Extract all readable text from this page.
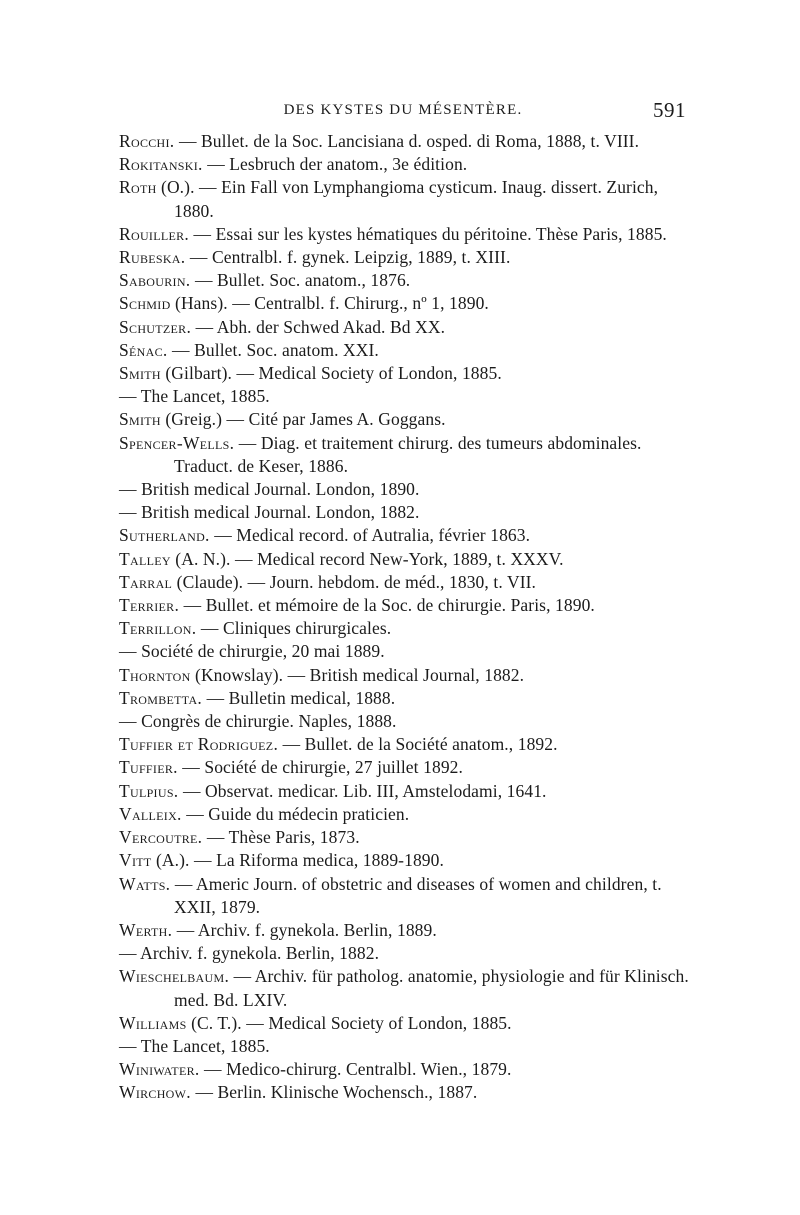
DES KYSTES DU MÉSENTÈRE.	591
Rocchi. — Bullet. de la Soc. Lancisiana d. osped. di Roma, 1888, t. VIII.
Rokitanski. — Lesbruch der anatom., 3e édition.
Roth (O.). — Ein Fall von Lymphangioma cysticum. Inaug. dissert. Zurich, 1880.
Rouiller. — Essai sur les kystes hématiques du péritoine. Thèse Paris, 1885.
Rubeska. — Centralbl. f. gynek. Leipzig, 1889, t. XIII.
Sabourin. — Bullet. Soc. anatom., 1876.
Schmid (Hans). — Centralbl. f. Chirurg., nº 1, 1890.
Schutzer. — Abh. der Schwed Akad. Bd XX.
Sénac. — Bullet. Soc. anatom. XXI.
Smith (Gilbart). — Medical Society of London, 1885.
— The Lancet, 1885.
Smith (Greig.) — Cité par James A. Goggans.
Spencer-Wells. — Diag. et traitement chirurg. des tumeurs abdominales. Traduct. de Keser, 1886.
— British medical Journal. London, 1890.
— British medical Journal. London, 1882.
Sutherland. — Medical record. of Autralia, février 1863.
Talley (A. N.). — Medical record New-York, 1889, t. XXXV.
Tarral (Claude). — Journ. hebdom. de méd., 1830, t. VII.
Terrier. — Bullet. et mémoire de la Soc. de chirurgie. Paris, 1890.
Terrillon. — Cliniques chirurgicales.
— Société de chirurgie, 20 mai 1889.
Thornton (Knowslay). — British medical Journal, 1882.
Trombetta. — Bulletin medical, 1888.
— Congrès de chirurgie. Naples, 1888.
Tuffier et Rodriguez. — Bullet. de la Société anatom., 1892.
Tuffier. — Société de chirurgie, 27 juillet 1892.
Tulpius. — Observat. medicar. Lib. III, Amstelodami, 1641.
Valleix. — Guide du médecin praticien.
Vercoutre. — Thèse Paris, 1873.
Vitt (A.). — La Riforma medica, 1889-1890.
Watts. — Americ Journ. of obstetric and diseases of women and children, t. XXII, 1879.
Werth. — Archiv. f. gynekola. Berlin, 1889.
— Archiv. f. gynekola. Berlin, 1882.
Wieschelbaum. — Archiv. für patholog. anatomie, physiologie and für Klinisch. med. Bd. LXIV.
Williams (C. T.). — Medical Society of London, 1885.
— The Lancet, 1885.
Winiwater. — Medico-chirurg. Centralbl. Wien., 1879.
Wirchow. — Berlin. Klinische Wochensch., 1887.
